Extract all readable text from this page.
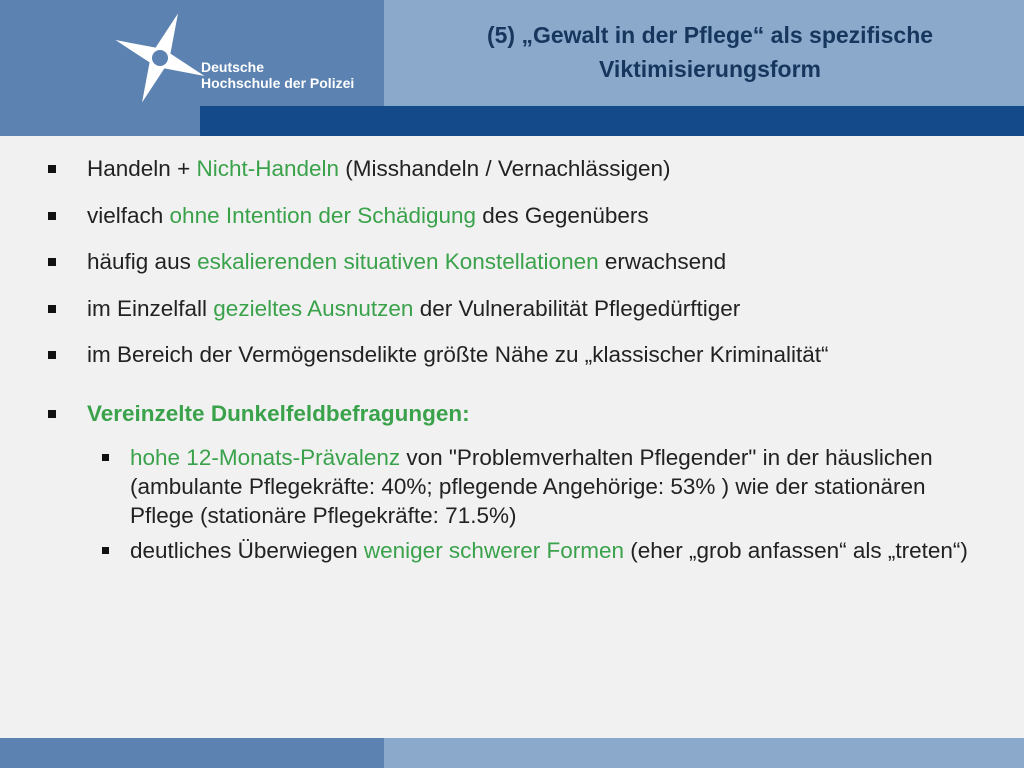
Deutsche
Hochschule der Polizei
(5) „Gewalt in der Pflege“ als spezifische
Viktimisierungsform
Handeln + Nicht-Handeln (Misshandeln / Vernachlässigen)
vielfach ohne Intention der Schädigung des Gegenübers
häufig aus eskalierenden situativen Konstellationen erwachsend
im Einzelfall gezieltes Ausnutzen der Vulnerabilität Pflegedürftiger
im Bereich der Vermögensdelikte größte Nähe zu „klassischer Kriminalität“
Vereinzelte Dunkelfeldbefragungen:
hohe 12-Monats-Prävalenz von "Problemverhalten Pflegender" in der häuslichen (ambulante Pflegekräfte: 40%; pflegende Angehörige: 53% ) wie der stationären Pflege (stationäre Pflegekräfte: 71.5%)
deutliches Überwiegen weniger schwerer Formen (eher „grob anfassen“ als „treten“)
